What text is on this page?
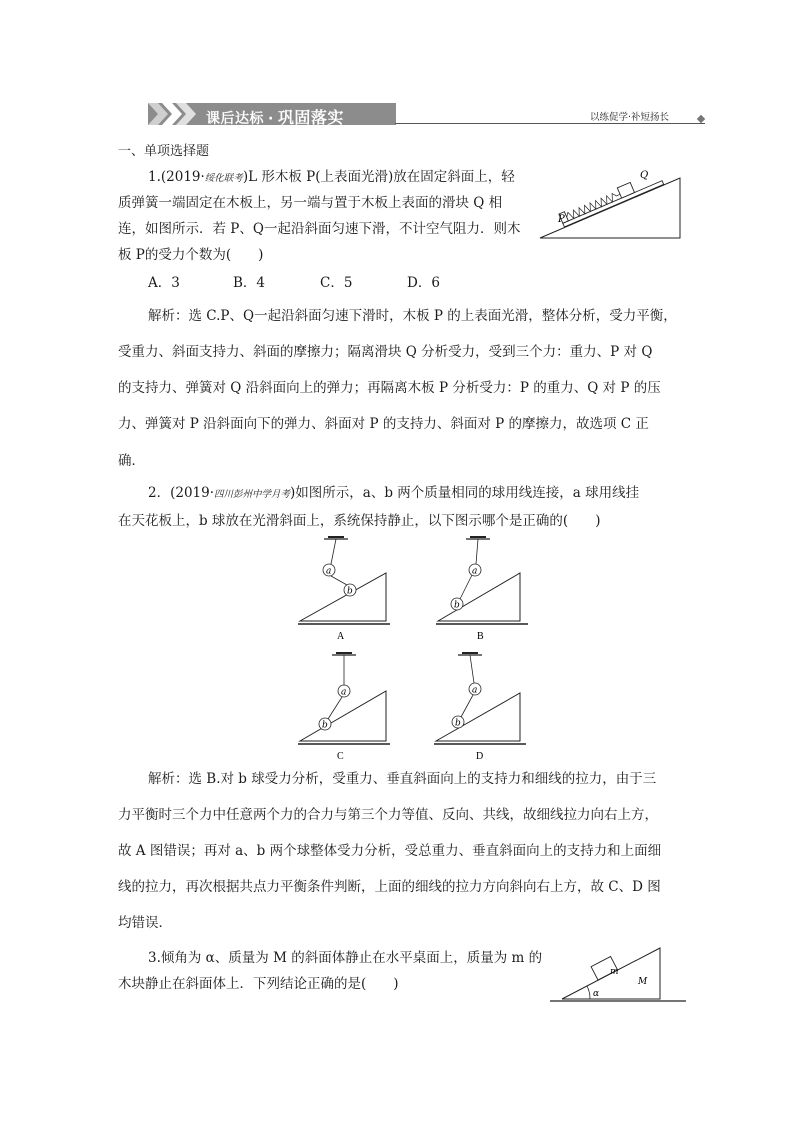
课后达标 · 巩固落实	以练促学·补短扬长
一、单项选择题
1.(2019·绥化联考)L 形木板 P(上表面光滑)放在固定斜面上，轻
质弹簧一端固定在木板上，另一端与置于木板上表面的滑块 Q 相
连，如图所示．若 P、Q一起沿斜面匀速下滑，不计空气阻力．则木
板 P的受力个数为(　　)
A．3	B．4	C．5	D．6
P
Q
解析：选 C.P、Q一起沿斜面匀速下滑时，木板 P 的上表面光滑，整体分析，受力平衡，
受重力、斜面支持力、斜面的摩擦力；隔离滑块 Q 分析受力，受到三个力：重力、P 对 Q
的支持力、弹簧对 Q 沿斜面向上的弹力；再隔离木板 P 分析受力：P 的重力、Q 对 P 的压
力、弹簧对 P 沿斜面向下的弹力、斜面对 P 的支持力、斜面对 P 的摩擦力，故选项 C 正
确．
2．(2019·四川彭州中学月考)如图所示，a、b 两个质量相同的球用线连接，a 球用线挂
在天花板上，b 球放在光滑斜面上，系统保持静止，以下图示哪个是正确的(　　)
a
b
A
a
b
B
a
b
C
a
b
D
解析：选 B.对 b 球受力分析，受重力、垂直斜面向上的支持力和细线的拉力，由于三
力平衡时三个力中任意两个力的合力与第三个力等值、反向、共线，故细线拉力向右上方，
故 A 图错误；再对 a、b 两个球整体受力分析，受总重力、垂直斜面向上的支持力和上面细
线的拉力，再次根据共点力平衡条件判断，上面的细线的拉力方向斜向右上方，故 C、D 图
均错误．
3.倾角为 α、质量为 M 的斜面体静止在水平桌面上，质量为 m 的
木块静止在斜面体上．下列结论正确的是(　　)
m
M
α
